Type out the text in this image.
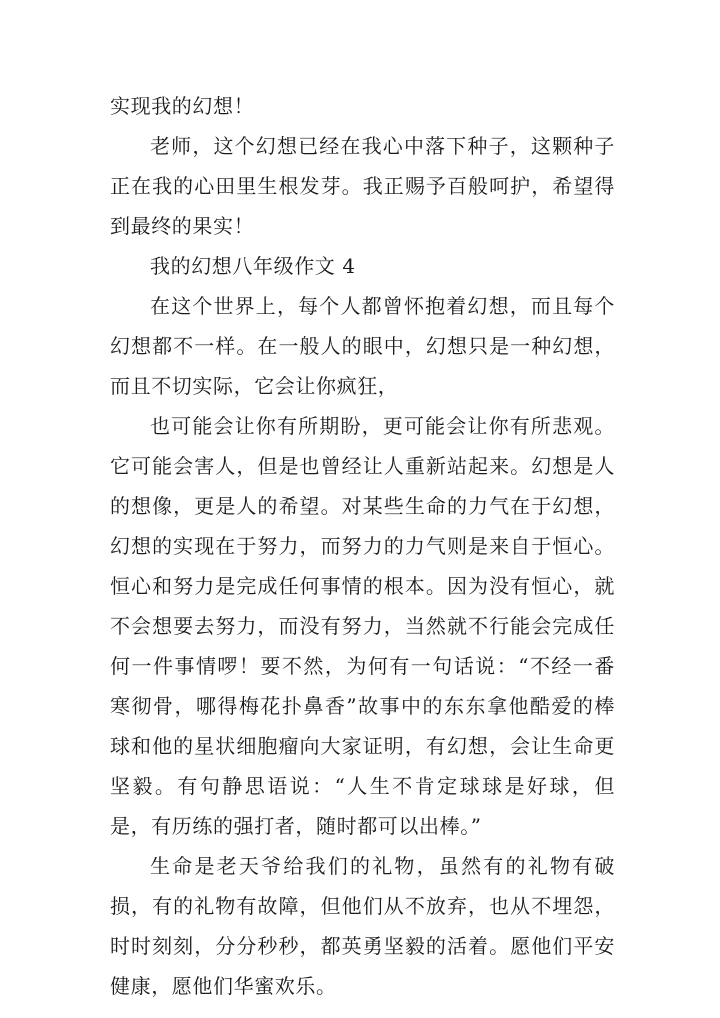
实现我的幻想！

老师，这个幻想已经在我心中落下种子，这颗种子正在我的心田里生根发芽。我正赐予百般呵护，希望得到最终的果实！

我的幻想八年级作文 4

在这个世界上，每个人都曾怀抱着幻想，而且每个幻想都不一样。在一般人的眼中，幻想只是一种幻想，而且不切实际，它会让你疯狂，

也可能会让你有所期盼，更可能会让你有所悲观。它可能会害人，但是也曾经让人重新站起来。幻想是人的想像，更是人的希望。对某些生命的力气在于幻想，幻想的实现在于努力，而努力的力气则是来自于恒心。恒心和努力是完成任何事情的根本。因为没有恒心，就不会想要去努力，而没有努力，当然就不行能会完成任何一件事情啰！要不然，为何有一句话说：“不经一番寒彻骨，哪得梅花扑鼻香”故事中的东东拿他酷爱的棒球和他的星状细胞瘤向大家证明，有幻想，会让生命更坚毅。有句静思语说：“人生不肯定球球是好球，但是，有历练的强打者，随时都可以出棒。”

生命是老天爷给我们的礼物，虽然有的礼物有破损，有的礼物有故障，但他们从不放弃，也从不埋怨，时时刻刻，分分秒秒，都英勇坚毅的活着。愿他们平安健康，愿他们华蜜欢乐。
